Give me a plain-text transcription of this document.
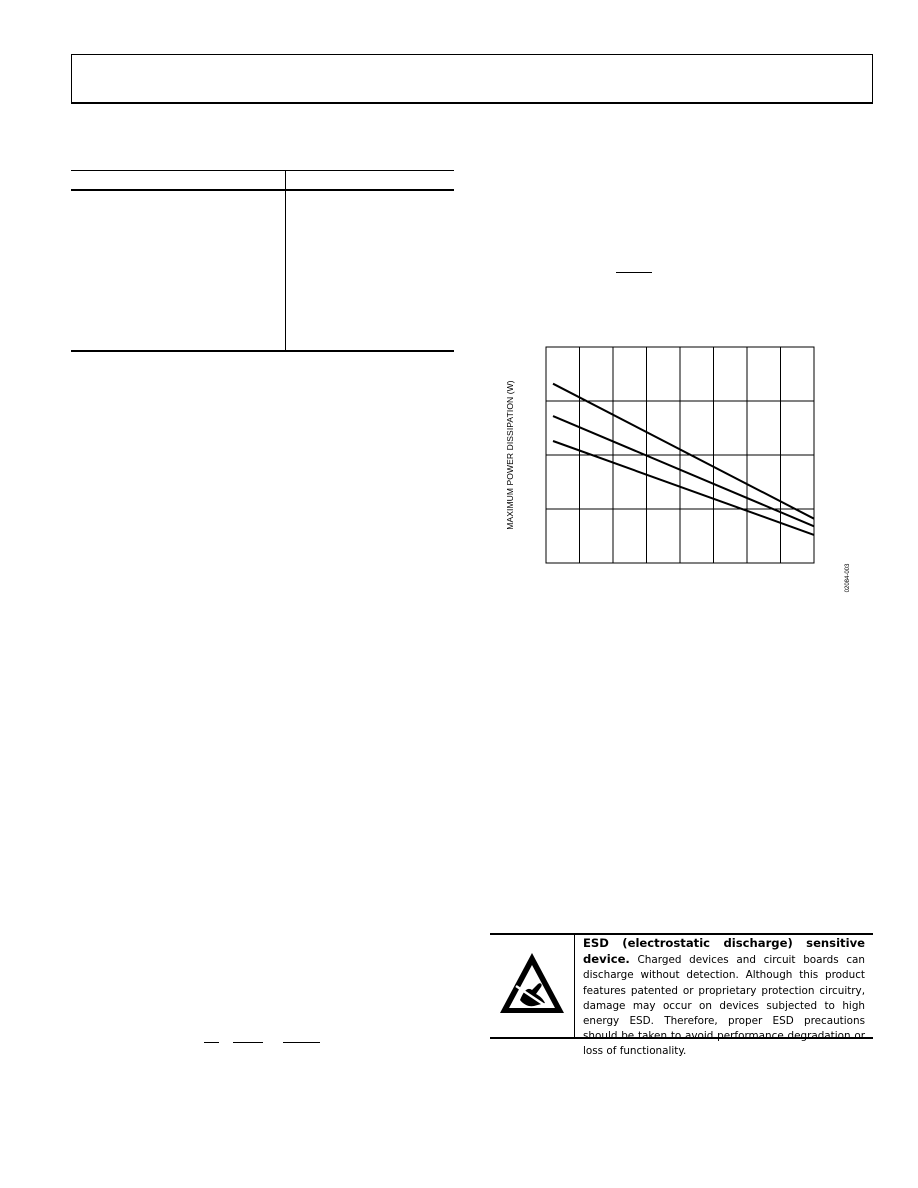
MAXIMUM POWER DISSIPATION (W)
02084-003
ESD (electrostatic discharge) sensitive device. Charged devices and circuit boards can discharge without detection. Although this product features patented or proprietary protection circuitry, damage may occur on devices subjected to high energy ESD. Therefore, proper ESD precautions should be taken to avoid performance degradation or loss of functionality.
